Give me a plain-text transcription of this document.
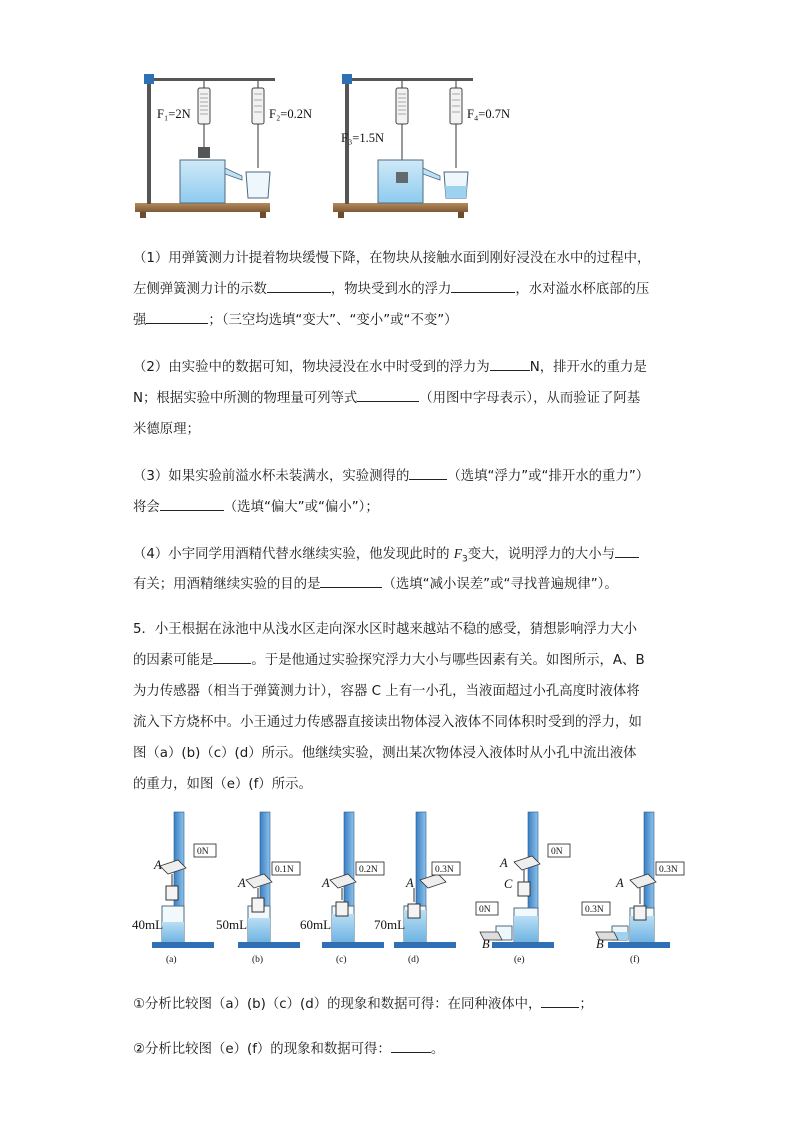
F₁=2N	F₂=0.2N
F₃=1.5N
F₄=0.7N

（1）用弹簧测力计提着物块缓慢下降，在物块从接触水面到刚好浸没在水中的过程中，

左侧弹簧测力计的示数	，物块受到水的浮力	，水对溢水杯底部的压

强	；（三空均选填“变大”、“变小”或“不变”）

（2）由实验中的数据可知，物块浸没在水中时受到的浮力为	N，排开水的重力是

N；根据实验中所测的物理量可列等式	（用图中字母表示），从而验证了阿基

米德原理；

（3）如果实验前溢水杯未装满水，实验测得的	（选填“浮力”或“排开水的重力”）

将会	（选填“偏大”或“偏小”）；

（4）小宇同学用酒精代替水继续实验，他发现此时的 $F_3$变大，说明浮力的大小与

有关；用酒精继续实验的目的是	（选填“减小误差”或“寻找普遍规律”）。

5．小王根据在泳池中从浅水区走向深水区时越来越站不稳的感受，猜想影响浮力大小

的因素可能是	。于是他通过实验探究浮力大小与哪些因素有关。如图所示，A、B

为力传感器（相当于弹簧测力计），容器 C 上有一小孔，当液面超过小孔高度时液体将

流入下方烧杯中。小王通过力传感器直接读出物体浸入液体不同体积时受到的浮力，如

图（a）(b)（c）(d）所示。他继续实验，测出某次物体浸入液体时从小孔中流出液体

的重力，如图（e）(f）所示。

A
0N
40mL
(a)
A
0.1N
50mL
(b)
A
0.2N
60mL
(c)
A
0.3N
70mL
(d)
A
0N
C
0N
B
(e)
A
0.3N
0.3N
B
(f)

①分析比较图（a）(b)（c）(d）的现象和数据可得：在同种液体中，	；

②分析比较图（e）(f）的现象和数据可得：	。
